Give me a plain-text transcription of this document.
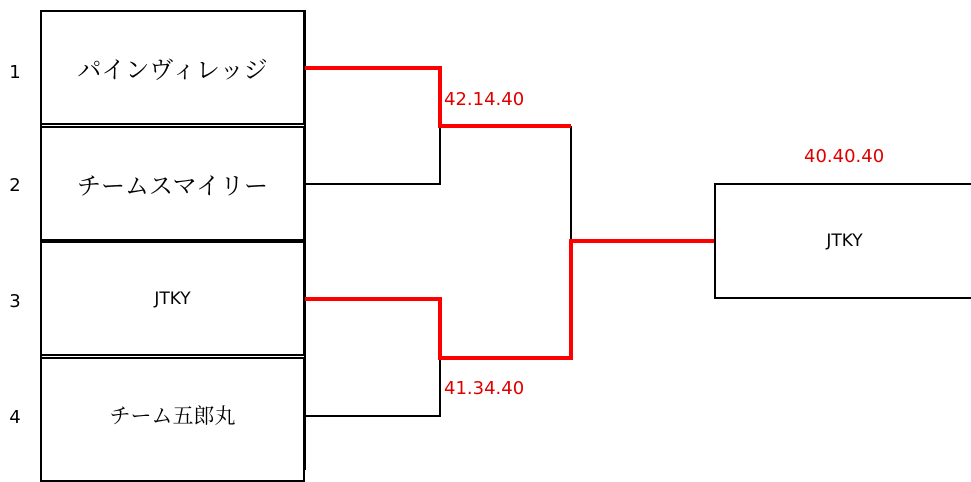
1
2
3
4
パインヴィレッジ
チームスマイリー
JTKY
チーム五郎丸
42.14.40
41.34.40
40.40.40
JTKY
